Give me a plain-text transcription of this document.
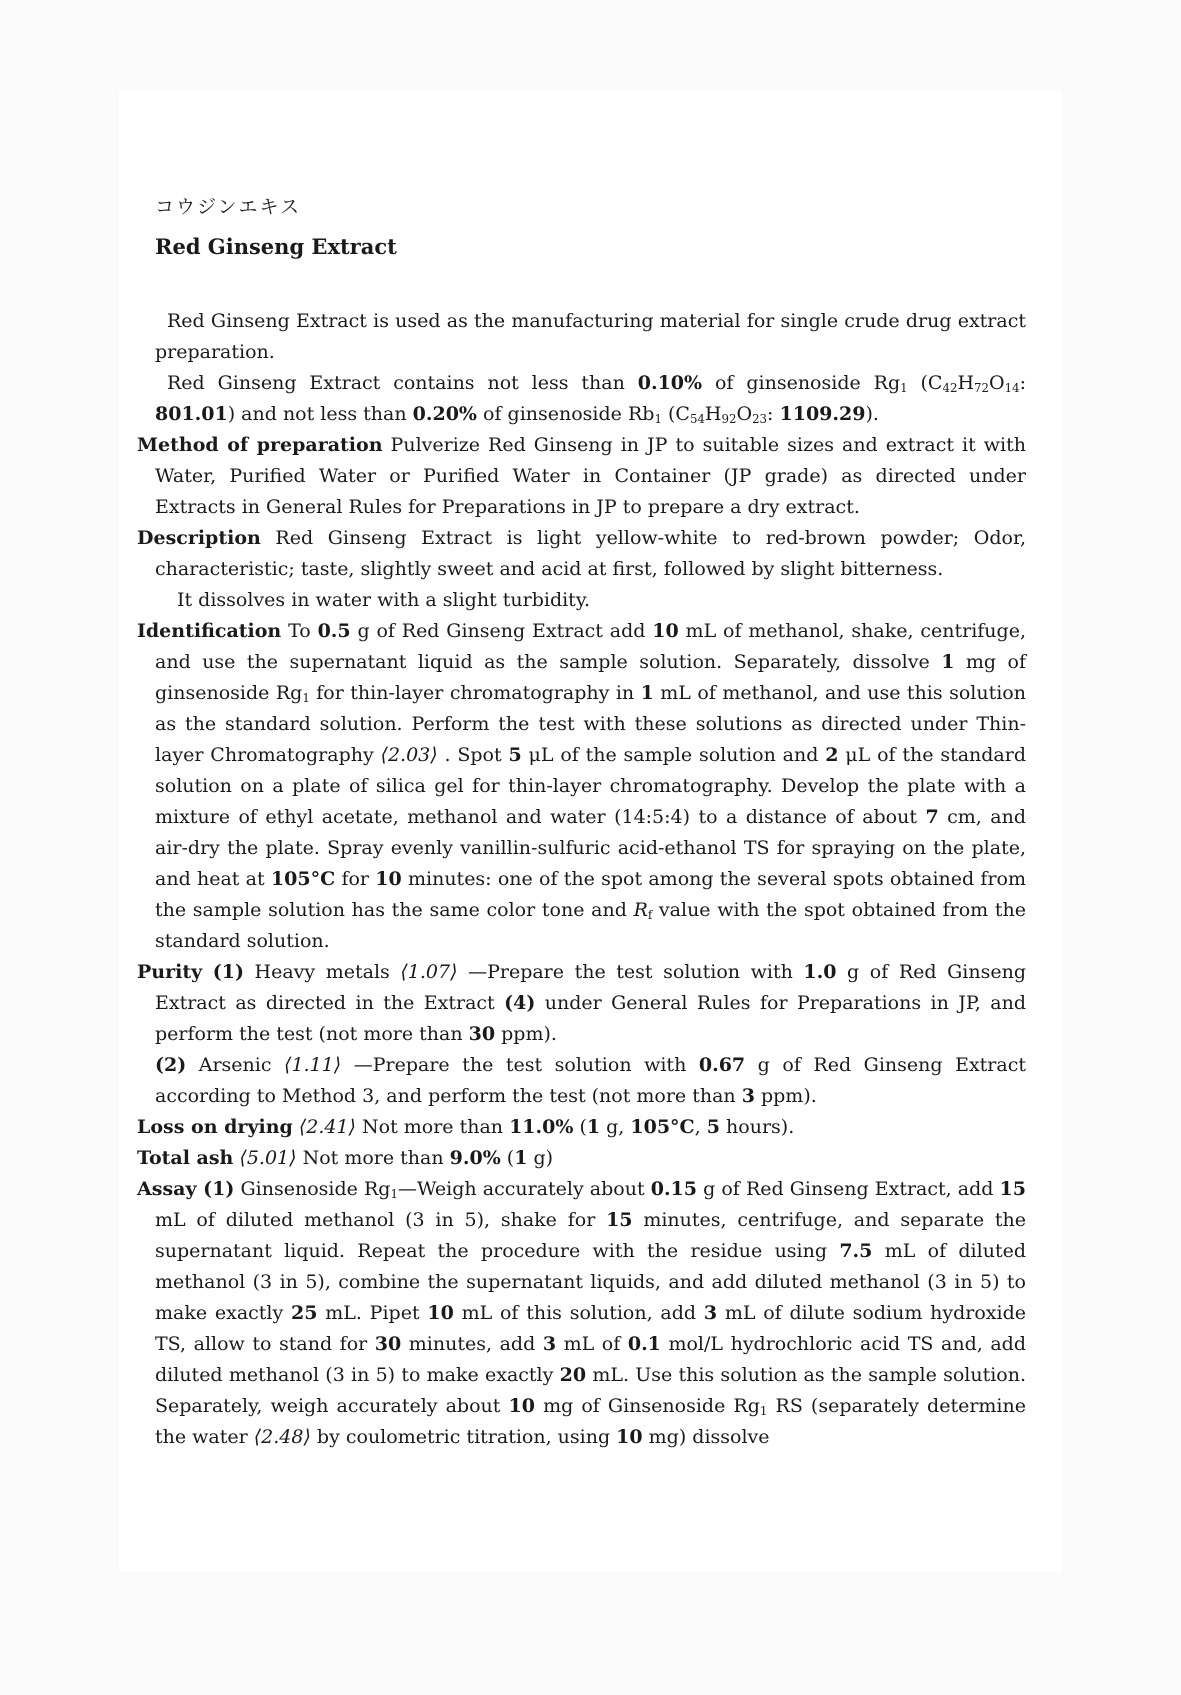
コウジンエキス
Red Ginseng Extract

Red Ginseng Extract is used as the manufacturing material for single crude drug extract preparation.

Red Ginseng Extract contains not less than 0.10% of ginsenoside $Rg_1$ ($C_{42}H_{72}O_{14}$: 801.01) and not less than 0.20% of ginsenoside $Rb_1$ ($C_{54}H_{92}O_{23}$: 1109.29).

Method of preparation Pulverize Red Ginseng in JP to suitable sizes and extract it with Water, Purified Water or Purified Water in Container (JP grade) as directed under Extracts in General Rules for Preparations in JP to prepare a dry extract.

Description Red Ginseng Extract is light yellow-white to red-brown powder; Odor, characteristic; taste, slightly sweet and acid at first, followed by slight bitterness.

It dissolves in water with a slight turbidity.

Identification To 0.5 g of Red Ginseng Extract add 10 mL of methanol, shake, centrifuge, and use the supernatant liquid as the sample solution. Separately, dissolve 1 mg of ginsenoside $Rg_1$ for thin-layer chromatography in 1 mL of methanol, and use this solution as the standard solution. Perform the test with these solutions as directed under Thin-layer Chromatography ⟨2.03⟩ . Spot 5 μL of the sample solution and 2 μL of the standard solution on a plate of silica gel for thin-layer chromatography. Develop the plate with a mixture of ethyl acetate, methanol and water (14:5:4) to a distance of about 7 cm, and air-dry the plate. Spray evenly vanillin-sulfuric acid-ethanol TS for spraying on the plate, and heat at 105°C for 10 minutes: one of the spot among the several spots obtained from the sample solution has the same color tone and $R_f$ value with the spot obtained from the standard solution.

Purity (1) Heavy metals ⟨1.07⟩ —Prepare the test solution with 1.0 g of Red Ginseng Extract as directed in the Extract (4) under General Rules for Preparations in JP, and perform the test (not more than 30 ppm).

(2) Arsenic ⟨1.11⟩ —Prepare the test solution with 0.67 g of Red Ginseng Extract according to Method 3, and perform the test (not more than 3 ppm).

Loss on drying ⟨2.41⟩ Not more than 11.0% (1 g, 105°C, 5 hours).

Total ash ⟨5.01⟩ Not more than 9.0% (1 g)

Assay (1) Ginsenoside $Rg_1—Weigh$ accurately about 0.15 g of Red Ginseng Extract, add 15 mL of diluted methanol (3 in 5), shake for 15 minutes, centrifuge, and separate the supernatant liquid. Repeat the procedure with the residue using 7.5 mL of diluted methanol (3 in 5), combine the supernatant liquids, and add diluted methanol (3 in 5) to make exactly 25 mL. Pipet 10 mL of this solution, add 3 mL of dilute sodium hydroxide TS, allow to stand for 30 minutes, add 3 mL of 0.1 mol/L hydrochloric acid TS and, add diluted methanol (3 in 5) to make exactly 20 mL. Use this solution as the sample solution. Separately, weigh accurately about 10 mg of Ginsenoside $Rg_1$ RS (separately determine the water ⟨2.48⟩ by coulometric titration, using 10 mg) dissolve
